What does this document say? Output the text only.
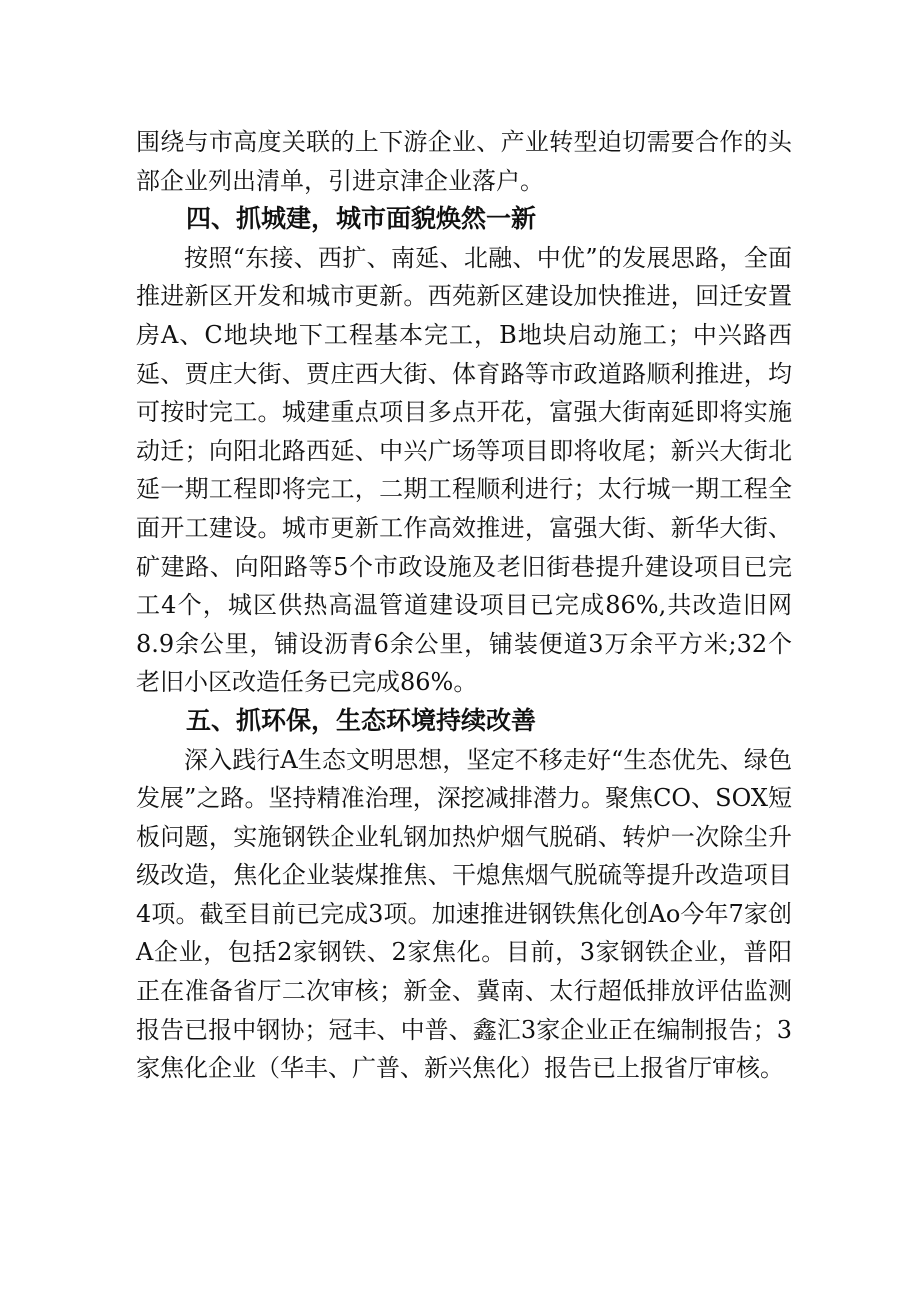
围绕与市高度关联的上下游企业、产业转型迫切需要合作的头部企业列出清单，引进京津企业落户。

四、抓城建，城市面貌焕然一新

按照“东接、西扩、南延、北融、中优”的发展思路，全面推进新区开发和城市更新。西苑新区建设加快推进，回迁安置房A、C地块地下工程基本完工，B地块启动施工；中兴路西延、贾庄大街、贾庄西大街、体育路等市政道路顺利推进，均可按时完工。城建重点项目多点开花，富强大街南延即将实施动迁；向阳北路西延、中兴广场等项目即将收尾；新兴大街北延一期工程即将完工，二期工程顺利进行；太行城一期工程全面开工建设。城市更新工作高效推进，富强大街、新华大街、矿建路、向阳路等5个市政设施及老旧街巷提升建设项目已完工4个，城区供热高温管道建设项目已完成86%,共改造旧网8.9余公里，铺设沥青6余公里，铺装便道3万余平方米;32个老旧小区改造任务已完成86%。

五、抓环保，生态环境持续改善

深入践行A生态文明思想，坚定不移走好“生态优先、绿色发展”之路。坚持精准治理，深挖减排潜力。聚焦CO、SOX短板问题，实施钢铁企业轧钢加热炉烟气脱硝、转炉一次除尘升级改造，焦化企业装煤推焦、干熄焦烟气脱硫等提升改造项目4项。截至目前已完成3项。加速推进钢铁焦化创Ao今年7家创A企业，包括2家钢铁、2家焦化。目前，3家钢铁企业，普阳正在准备省厅二次审核；新金、冀南、太行超低排放评估监测报告已报中钢协；冠丰、中普、鑫汇3家企业正在编制报告；3家焦化企业（华丰、广普、新兴焦化）报告已上报省厅审核。
